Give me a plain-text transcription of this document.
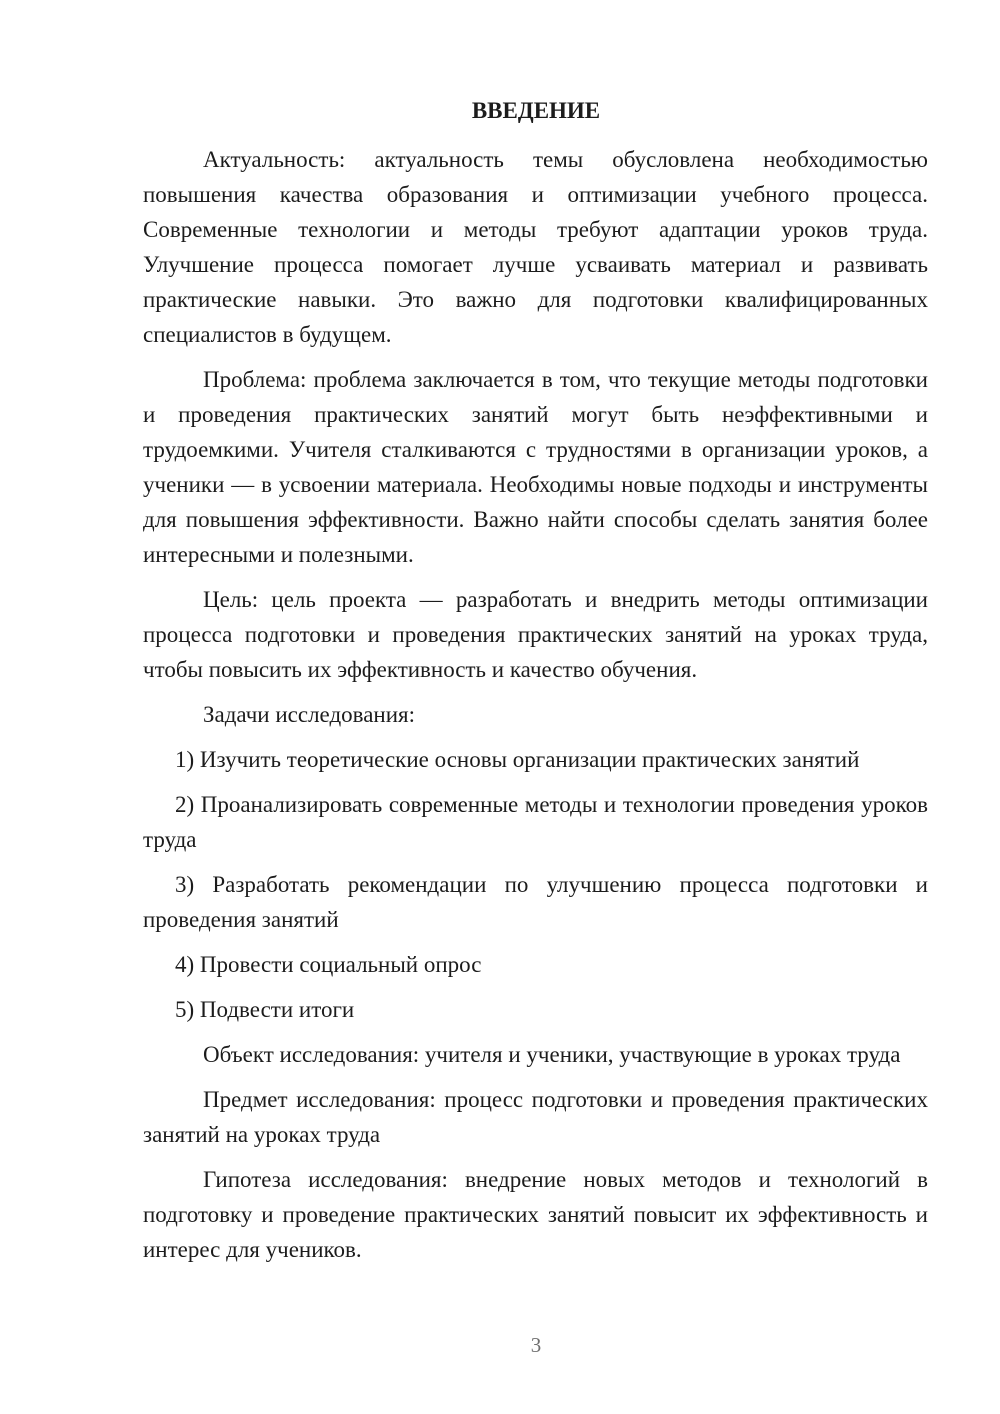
ВВЕДЕНИЕ

Актуальность: актуальность темы обусловлена необходимостью повышения качества образования и оптимизации учебного процесса. Современные технологии и методы требуют адаптации уроков труда. Улучшение процесса помогает лучше усваивать материал и развивать практические навыки. Это важно для подготовки квалифицированных специалистов в будущем.

Проблема: проблема заключается в том, что текущие методы подготовки и проведения практических занятий могут быть неэффективными и трудоемкими. Учителя сталкиваются с трудностями в организации уроков, а ученики — в усвоении материала. Необходимы новые подходы и инструменты для повышения эффективности. Важно найти способы сделать занятия более интересными и полезными.

Цель: цель проекта — разработать и внедрить методы оптимизации процесса подготовки и проведения практических занятий на уроках труда, чтобы повысить их эффективность и качество обучения.

Задачи исследования:

1) Изучить теоретические основы организации практических занятий

2) Проанализировать современные методы и технологии проведения уроков труда

3) Разработать рекомендации по улучшению процесса подготовки и проведения занятий

4) Провести социальный опрос

5) Подвести итоги

Объект исследования: учителя и ученики, участвующие в уроках труда

Предмет исследования: процесс подготовки и проведения практических занятий на уроках труда

Гипотеза исследования: внедрение новых методов и технологий в подготовку и проведение практических занятий повысит их эффективность и интерес для учеников.

3
